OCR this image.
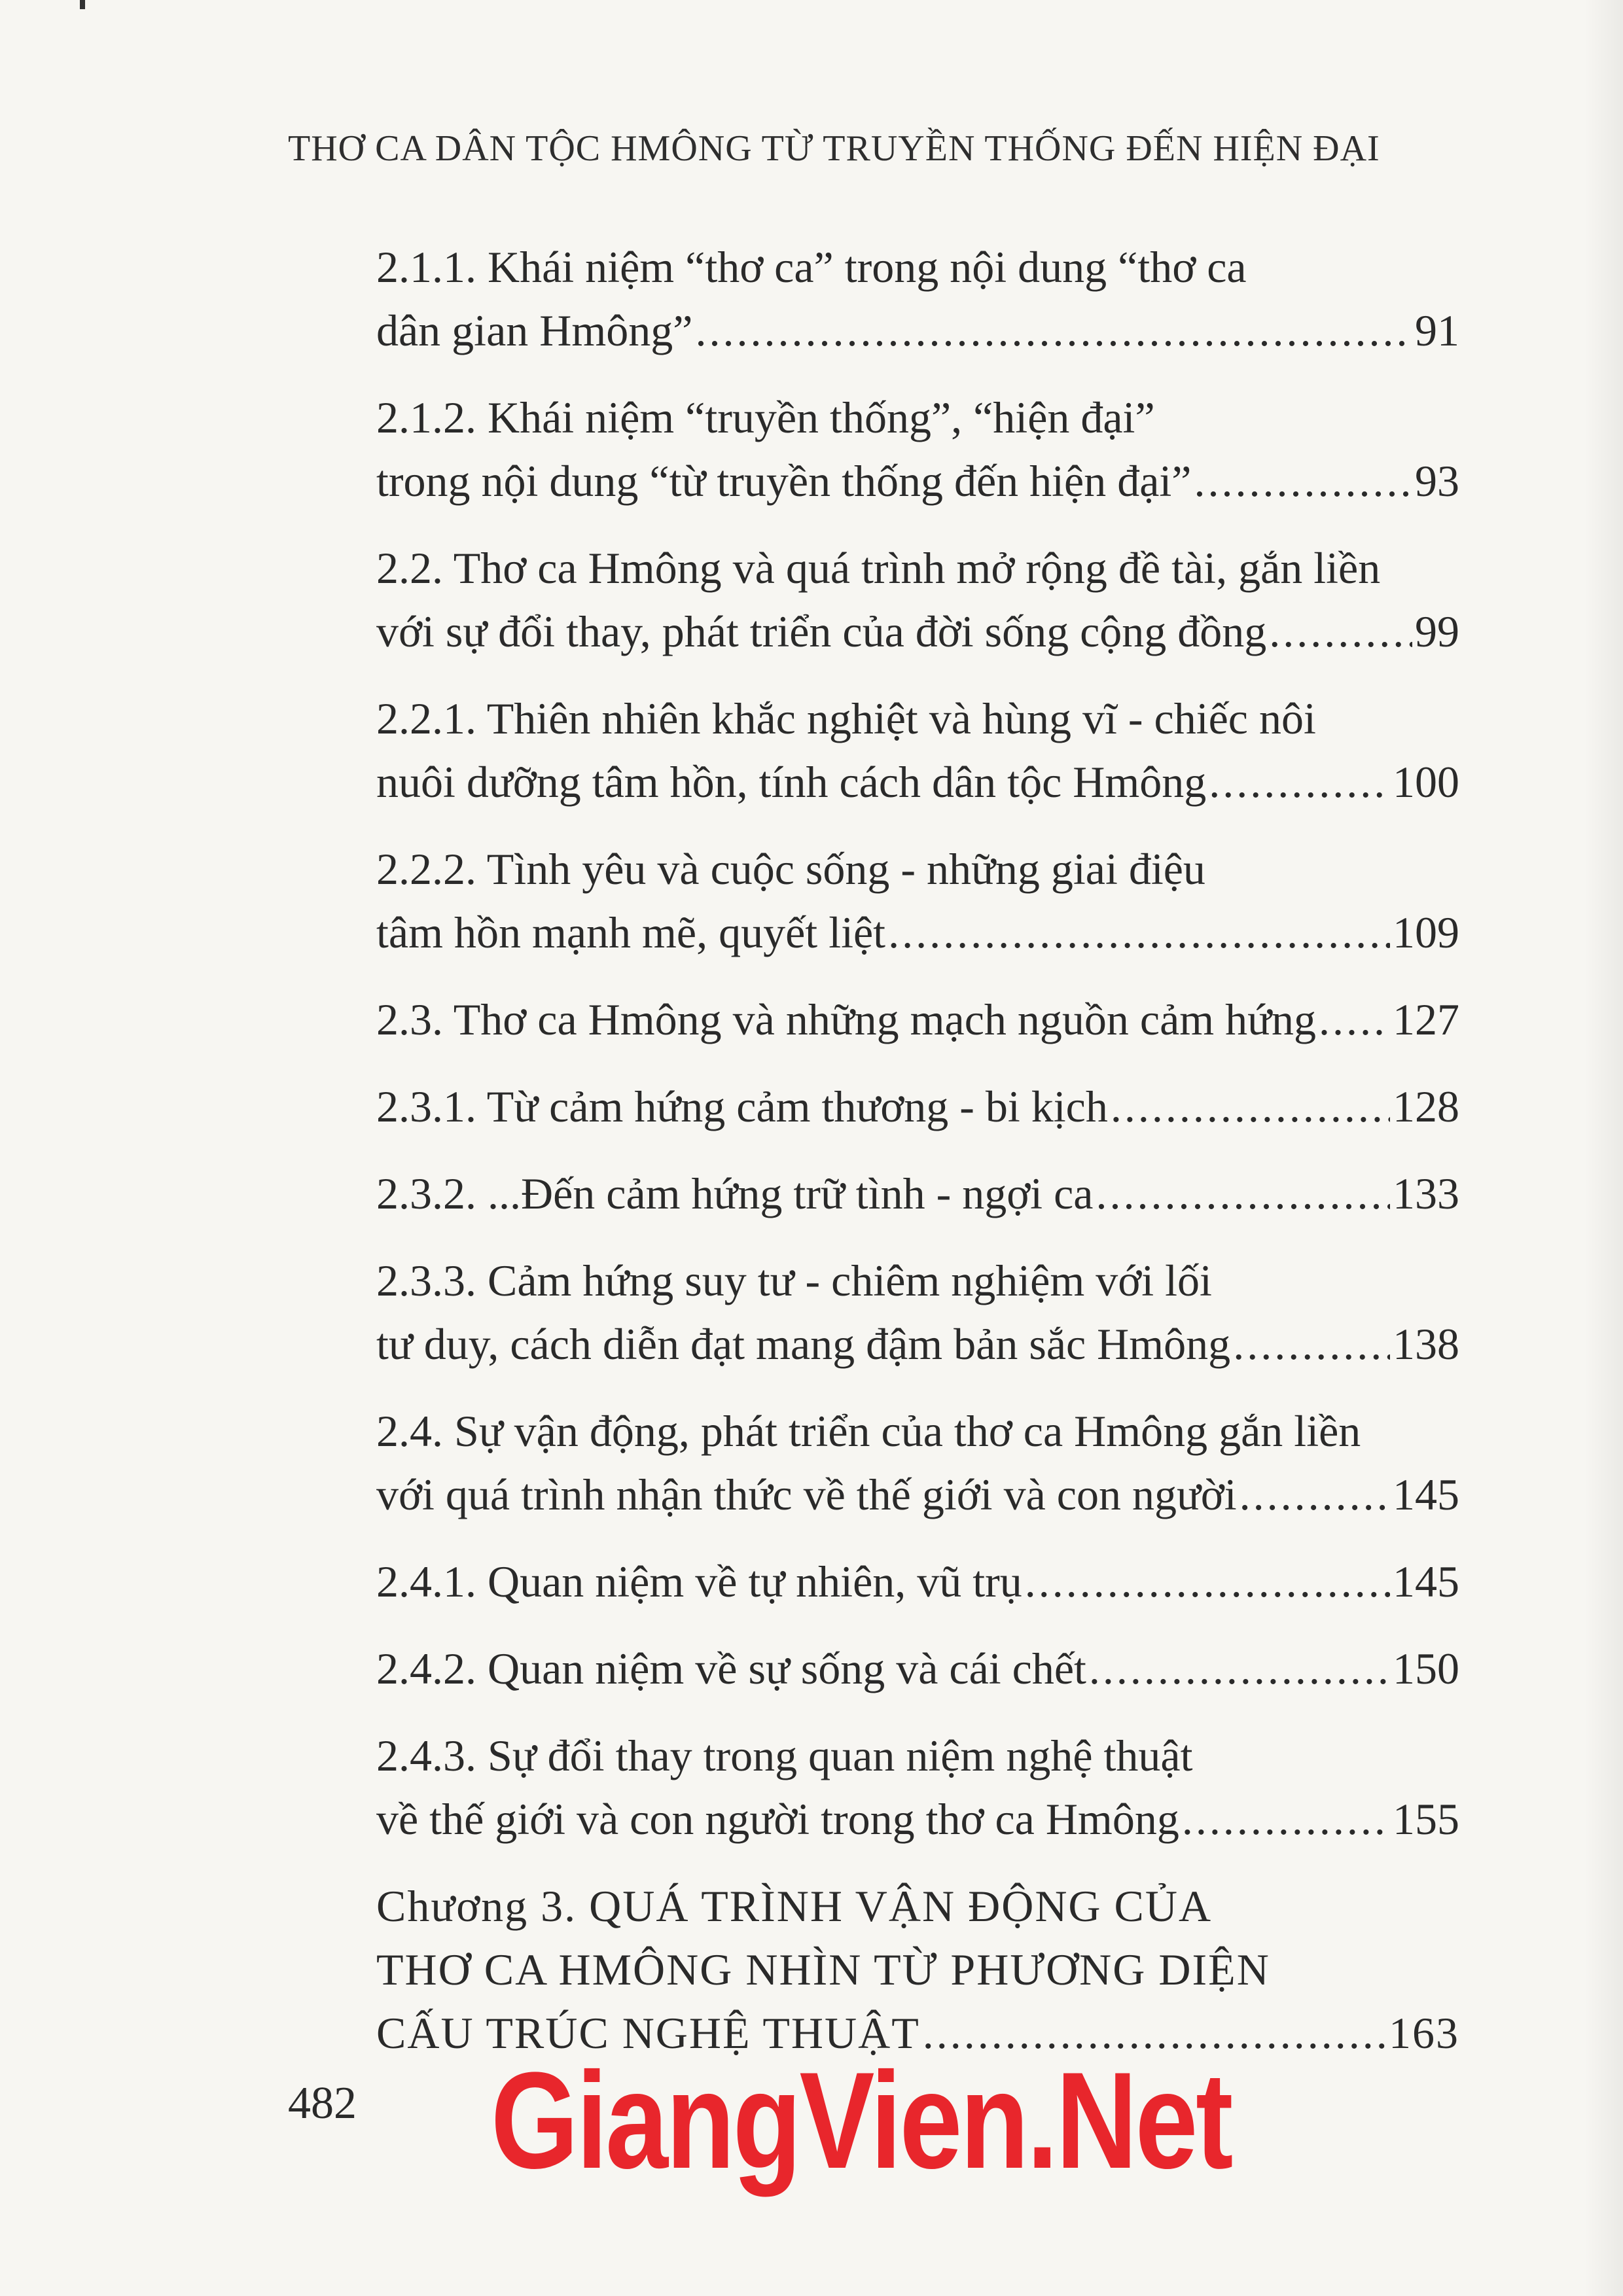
THƠ CA DÂN TỘC HMÔNG TỪ TRUYỀN THỐNG ĐẾN HIỆN ĐẠI
2.1.1. Khái niệm “thơ ca” trong nội dung “thơ ca
dân gian Hmông” .....	91
2.1.2. Khái niệm “truyền thống”, “hiện đại”
trong nội dung “từ truyền thống đến hiện đại” .....	93
2.2. Thơ ca Hmông và quá trình mở rộng đề tài, gắn liền
với sự đổi thay, phát triển của đời sống cộng đồng .....	99
2.2.1. Thiên nhiên khắc nghiệt và hùng vĩ - chiếc nôi
nuôi dưỡng tâm hồn, tính cách dân tộc Hmông .....	100
2.2.2. Tình yêu và cuộc sống - những giai điệu
tâm hồn mạnh mẽ, quyết liệt .....	109
2.3. Thơ ca Hmông và những mạch nguồn cảm hứng ..... 127
2.3.1. Từ cảm hứng cảm thương - bi kịch .....	128
2.3.2. ...Đến cảm hứng trữ tình - ngợi ca .....	133
2.3.3. Cảm hứng suy tư - chiêm nghiệm với lối
tư duy, cách diễn đạt mang đậm bản sắc Hmông .....	138
2.4. Sự vận động, phát triển của thơ ca Hmông gắn liền
với quá trình nhận thức về thế giới và con người .....	145
2.4.1. Quan niệm về tự nhiên, vũ trụ .....	145
2.4.2. Quan niệm về sự sống và cái chết .....	150
2.4.3. Sự đổi thay trong quan niệm nghệ thuật
về thế giới và con người trong thơ ca Hmông .....	155
Chương 3. QUÁ TRÌNH VẬN ĐỘNG CỦA
THƠ CA HMÔNG NHÌN TỪ PHƯƠNG DIỆN
CẤU TRÚC NGHỆ THUẬT .....	163
482 GiangVien.Net
